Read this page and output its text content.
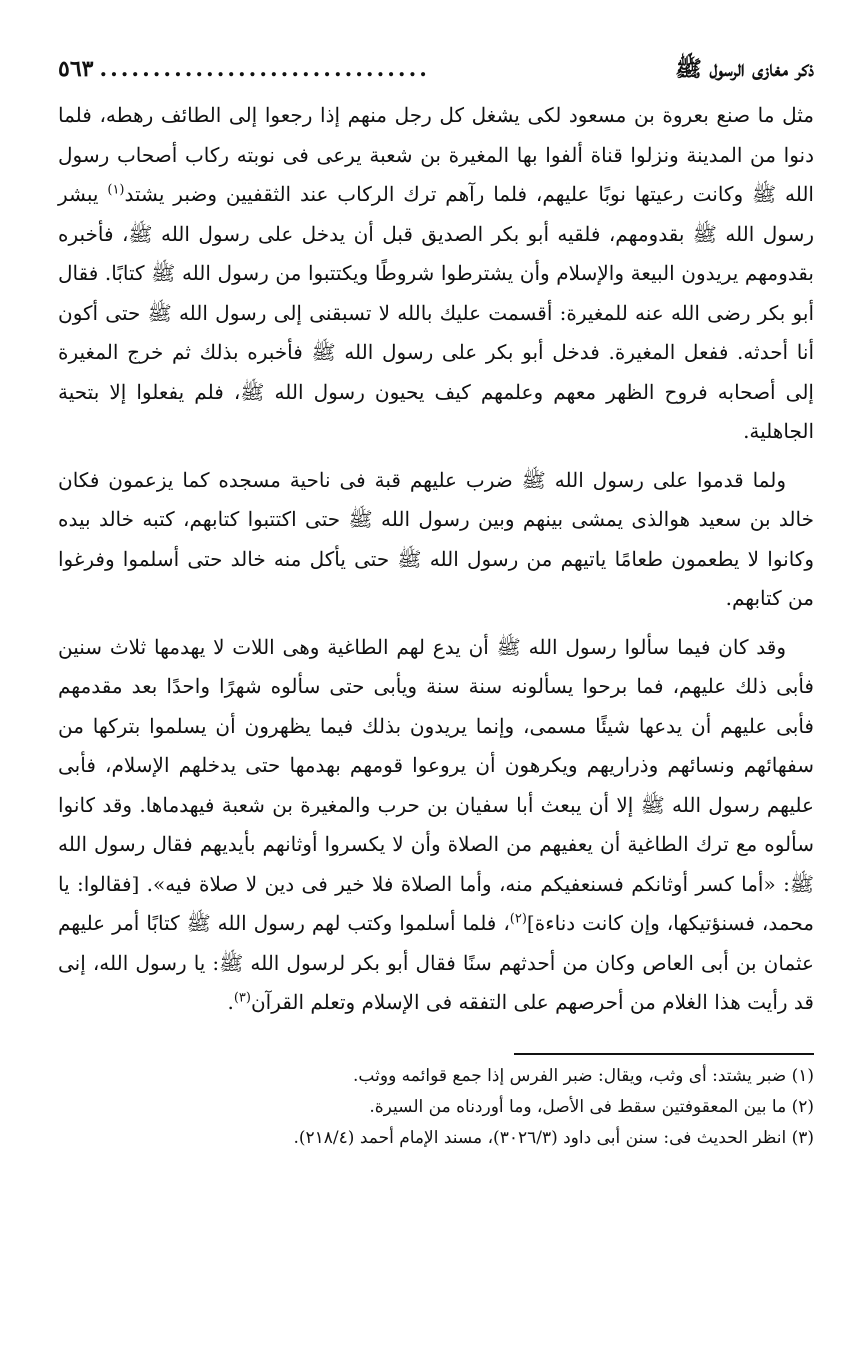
ذكر مغازى الرسول ﷺ
...............................
٥٦٣

مثل ما صنع بعروة بن مسعود لكى يشغل كل رجل منهم إذا رجعوا إلى الطائف رهطه، فلما دنوا من المدينة ونزلوا قناة ألفوا بها المغيرة بن شعبة يرعى فى نوبته ركاب أصحاب رسول الله ﷺ وكانت رعيتها نوبًا عليهم، فلما رآهم ترك الركاب عند الثقفيين وضبر يشتد$^{(١)}$ يبشر رسول الله ﷺ بقدومهم، فلقيه أبو بكر الصديق قبل أن يدخل على رسول الله ﷺ، فأخبره بقدومهم يريدون البيعة والإسلام وأن يشترطوا شروطًا ويكتتبوا من رسول الله ﷺ كتابًا. فقال أبو بكر رضى الله عنه للمغيرة: أقسمت عليك بالله لا تسبقنى إلى رسول الله ﷺ حتى أكون أنا أحدثه. ففعل المغيرة. فدخل أبو بكر على رسول الله ﷺ فأخبره بذلك ثم خرج المغيرة إلى أصحابه فروح الظهر معهم وعلمهم كيف يحيون رسول الله ﷺ، فلم يفعلوا إلا بتحية الجاهلية.

ولما قدموا على رسول الله ﷺ ضرب عليهم قبة فى ناحية مسجده كما يزعمون فكان خالد بن سعيد هوالذى يمشى بينهم وبين رسول الله ﷺ حتى اكتتبوا كتابهم، كتبه خالد بيده وكانوا لا يطعمون طعامًا ياتيهم من رسول الله ﷺ حتى يأكل منه خالد حتى أسلموا وفرغوا من كتابهم.

وقد كان فيما سألوا رسول الله ﷺ أن يدع لهم الطاغية وهى اللات لا يهدمها ثلاث سنين فأبى ذلك عليهم، فما برحوا يسألونه سنة سنة ويأبى حتى سألوه شهرًا واحدًا بعد مقدمهم فأبى عليهم أن يدعها شيئًا مسمى، وإنما يريدون بذلك فيما يظهرون أن يسلموا بتركها من سفهائهم ونسائهم وذراريهم ويكرهون أن يروعوا قومهم بهدمها حتى يدخلهم الإسلام، فأبى عليهم رسول الله ﷺ إلا أن يبعث أبا سفيان بن حرب والمغيرة بن شعبة فيهدماها. وقد كانوا سألوه مع ترك الطاغية أن يعفيهم من الصلاة وأن لا يكسروا أوثانهم بأيديهم فقال رسول الله ﷺ: «أما كسر أوثانكم فسنعفيكم منه، وأما الصلاة فلا خير فى دين لا صلاة فيه». [فقالوا: يا محمد، فسنؤتيكها، وإن كانت دناءة]$^{(٢)}$، فلما أسلموا وكتب لهم رسول الله ﷺ كتابًا أمر عليهم عثمان بن أبى العاص وكان من أحدثهم سنًا فقال أبو بكر لرسول الله ﷺ: يا رسول الله، إنى قد رأيت هذا الغلام من أحرصهم على التفقه فى الإسلام وتعلم القرآن$^{(٣)}$.

(١) ضبر يشتد: أى وثب، ويقال: ضبر الفرس إذا جمع قوائمه ووثب.

(٢) ما بين المعقوفتين سقط فى الأصل، وما أوردناه من السيرة.

(٣) انظر الحديث فى: سنن أبى داود (٣٠٢٦/٣)، مسند الإمام أحمد (٢١٨/٤).
